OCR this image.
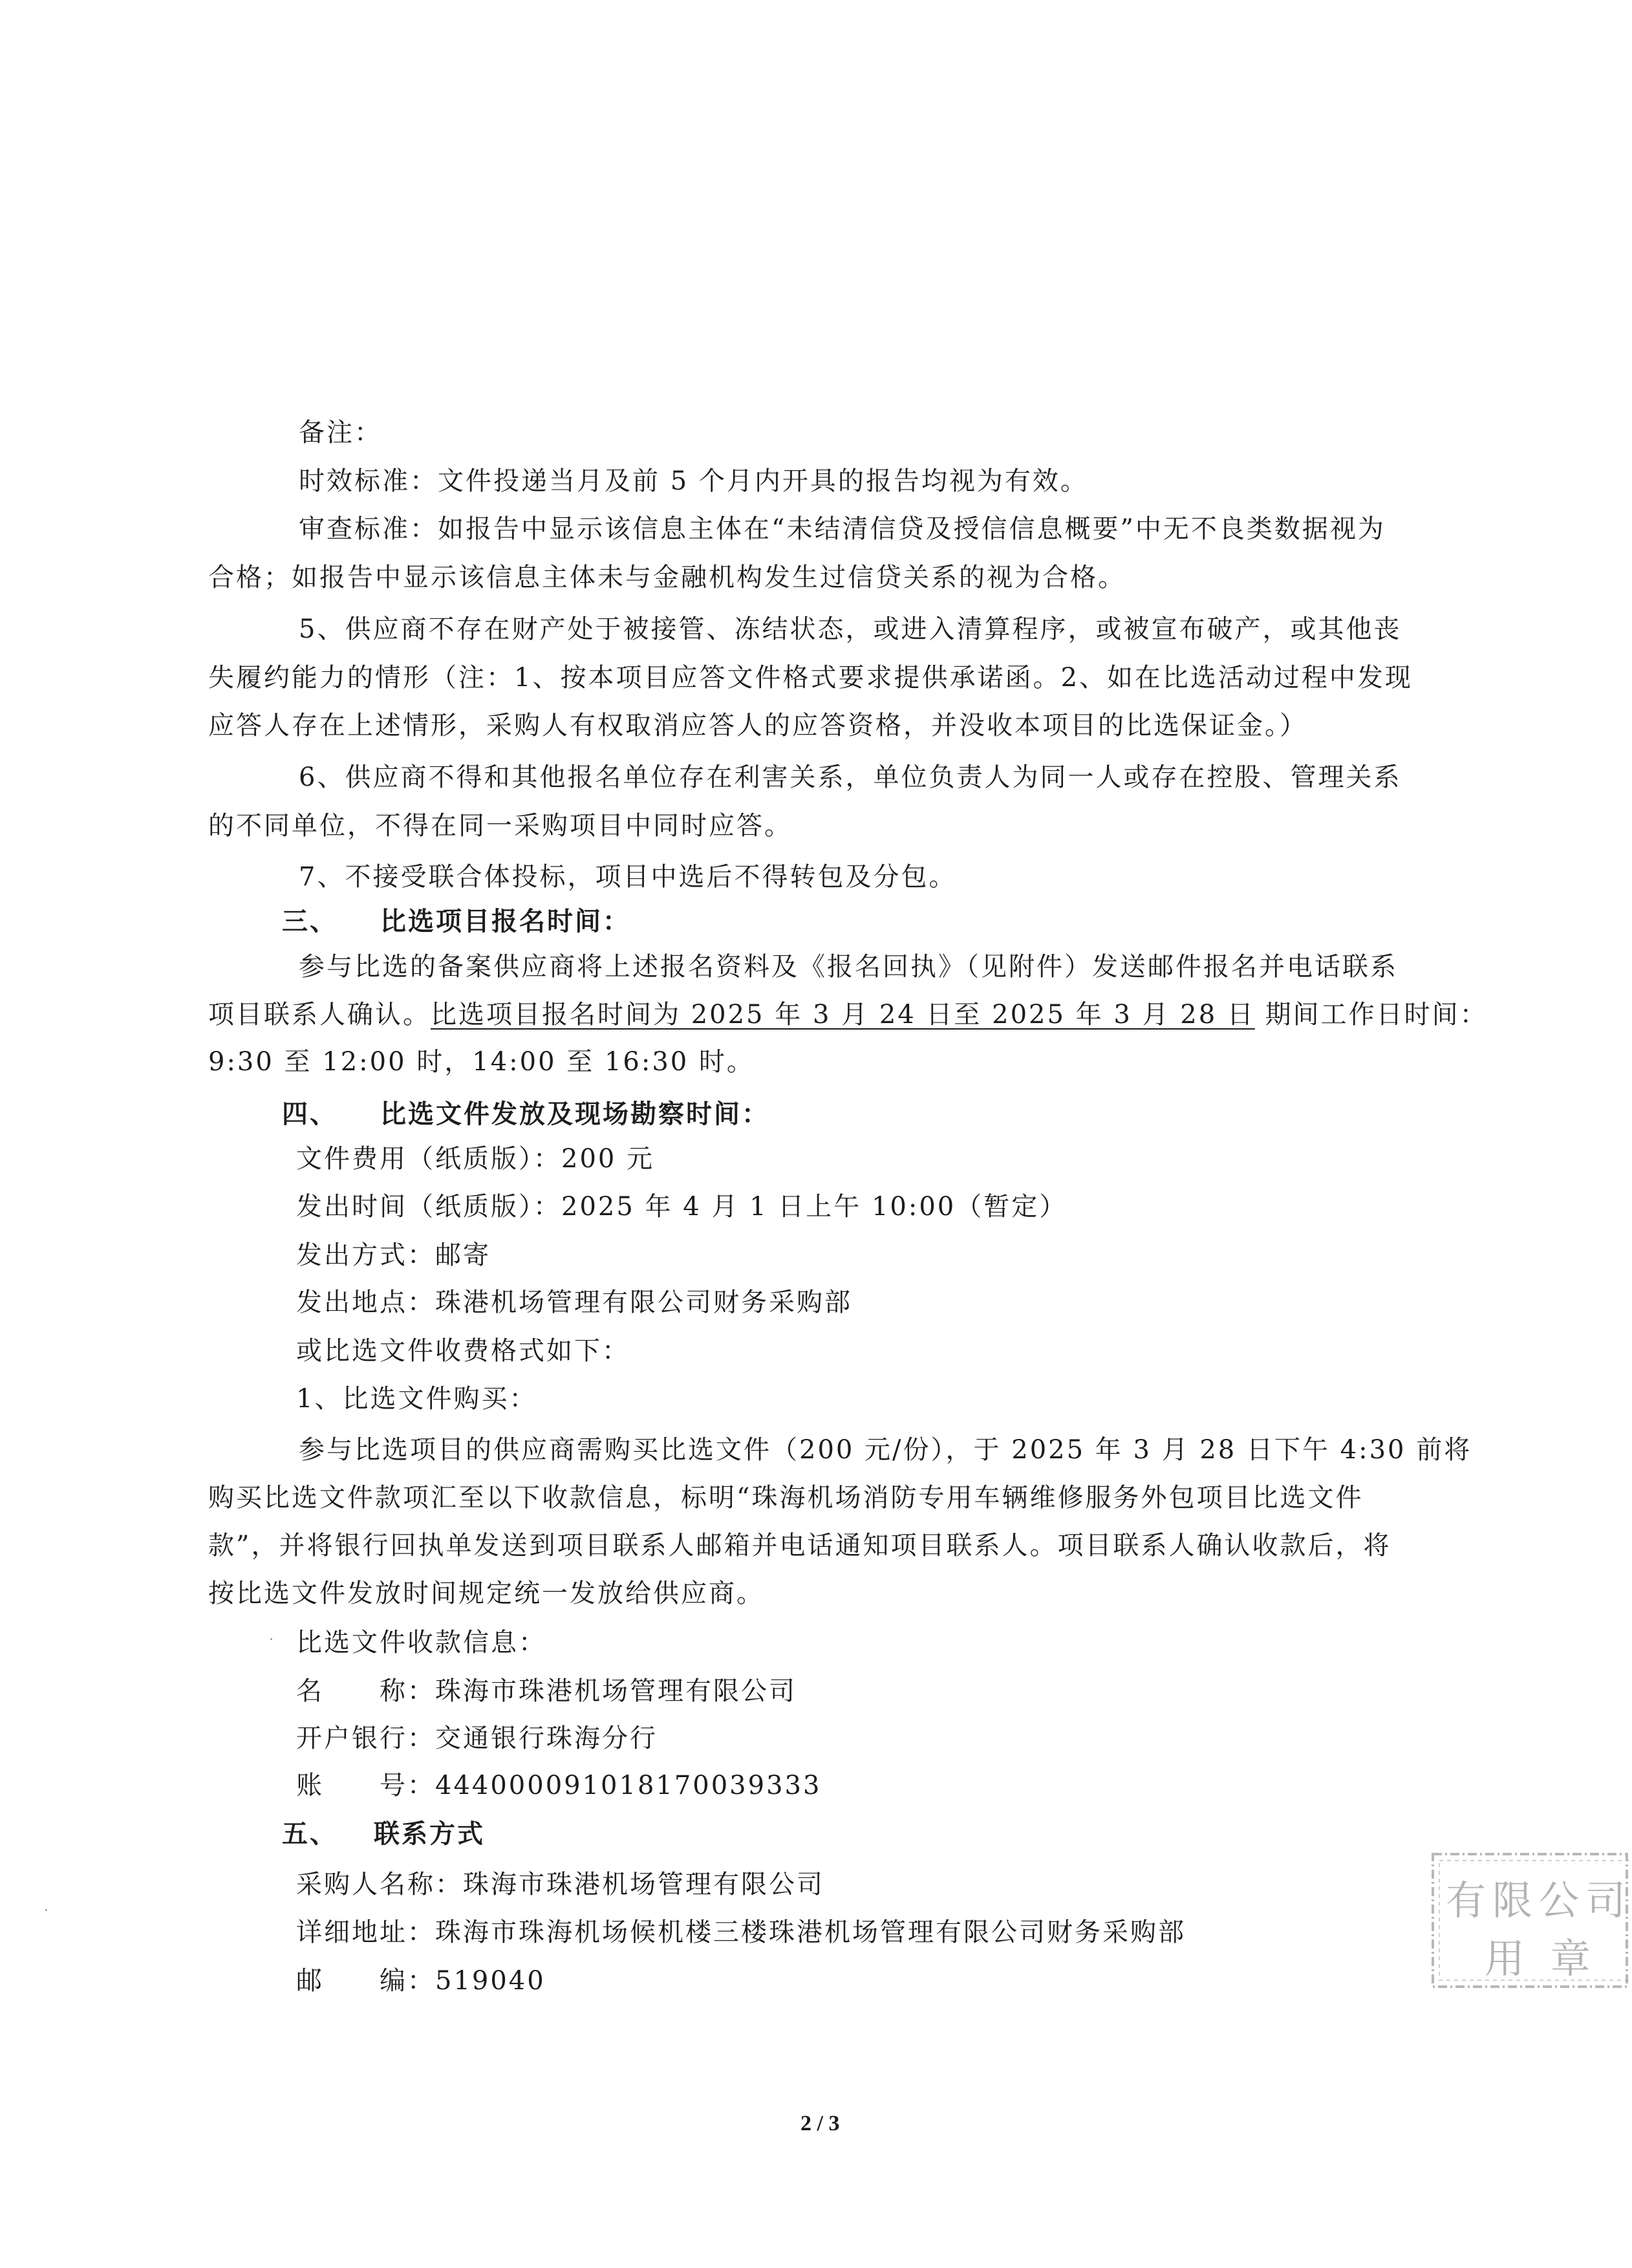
备注：
时效标准：文件投递当月及前 5 个月内开具的报告均视为有效。
审查标准：如报告中显示该信息主体在“未结清信贷及授信信息概要”中无不良类数据视为
合格；如报告中显示该信息主体未与金融机构发生过信贷关系的视为合格。
5、供应商不存在财产处于被接管、冻结状态，或进入清算程序，或被宣布破产，或其他丧
失履约能力的情形（注：1、按本项目应答文件格式要求提供承诺函。2、如在比选活动过程中发现
应答人存在上述情形，采购人有权取消应答人的应答资格，并没收本项目的比选保证金。）
6、供应商不得和其他报名单位存在利害关系，单位负责人为同一人或存在控股、管理关系
的不同单位，不得在同一采购项目中同时应答。
7、不接受联合体投标，项目中选后不得转包及分包。
三、 比选项目报名时间：
参与比选的备案供应商将上述报名资料及《报名回执》（见附件）发送邮件报名并电话联系
项目联系人确认。比选项目报名时间为 2025 年 3 月 24 日至 2025 年 3 月 28 日 期间工作日时间：
9:30 至 12:00 时，14:00 至 16:30 时。
四、 比选文件发放及现场勘察时间：
文件费用（纸质版）：200 元
发出时间（纸质版）：2025 年 4 月 1 日上午 10:00（暂定）
发出方式：邮寄
发出地点：珠港机场管理有限公司财务采购部
或比选文件收费格式如下：
1、比选文件购买：
参与比选项目的供应商需购买比选文件（200 元/份），于 2025 年 3 月 28 日下午 4:30 前将
购买比选文件款项汇至以下收款信息，标明“珠海机场消防专用车辆维修服务外包项目比选文件
款”，并将银行回执单发送到项目联系人邮箱并电话通知项目联系人。项目联系人确认收款后，将
按比选文件发放时间规定统一发放给供应商。
比选文件收款信息：
名　　称：珠海市珠港机场管理有限公司
开户银行：交通银行珠海分行
账　　号：444000091018170039333
五、 联系方式
采购人名称：珠海市珠港机场管理有限公司
详细地址：珠海市珠海机场候机楼三楼珠港机场管理有限公司财务采购部
邮　　编：519040
2 / 3
有限公司
用 章
